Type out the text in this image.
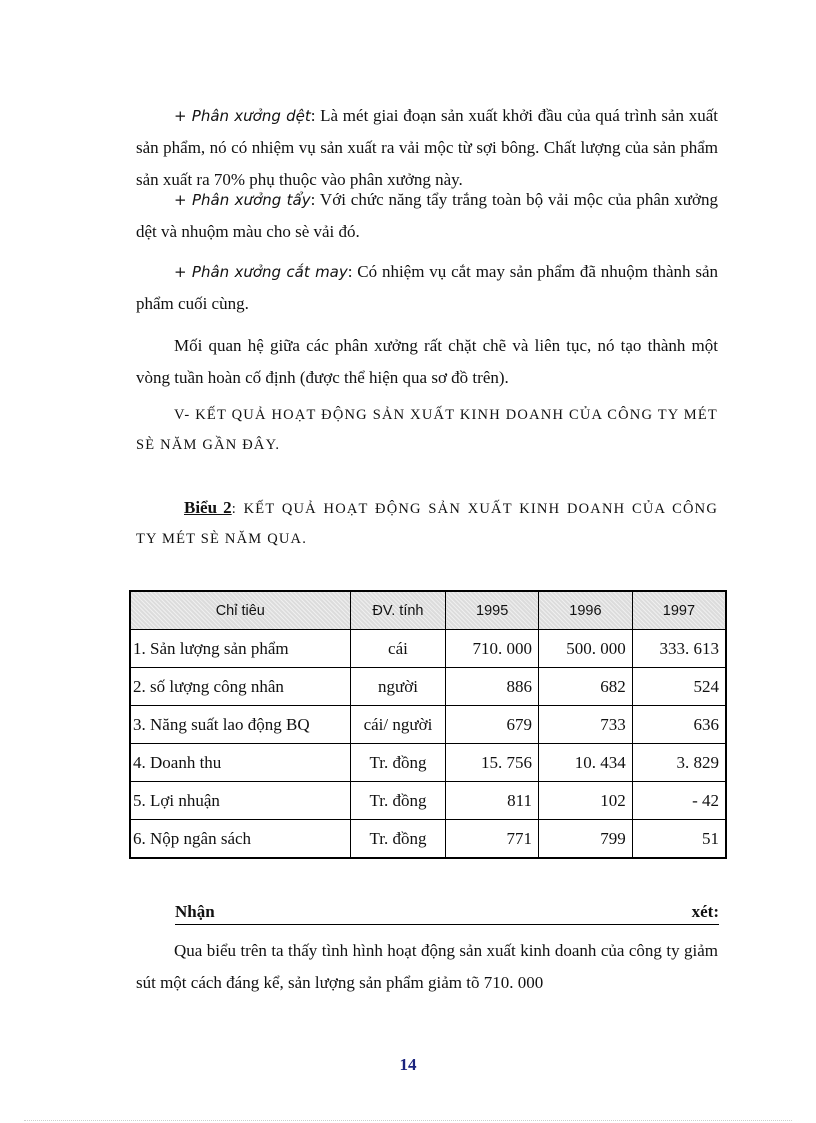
+ Phân xưởng dệt: Là mét giai đoạn sản xuất khởi đầu của quá trình sản xuất sản phẩm, nó có nhiệm vụ sản xuất ra vải mộc từ sợi bông. Chất lượng của sản phẩm sản xuất ra 70% phụ thuộc vào phân xưởng này.

+ Phân xưởng tẩy: Với chức năng tẩy trắng toàn bộ vải mộc của phân xưởng dệt và nhuộm màu cho sè vải đó.

+ Phân xưởng cắt may: Có nhiệm vụ cắt may sản phẩm đã nhuộm thành sản phẩm cuối cùng.

Mối quan hệ giữa các phân xưởng rất chặt chẽ và liên tục, nó tạo thành một vòng tuần hoàn cố định (được thể hiện qua sơ đồ trên).

V- KẾT QUẢ HOẠT ĐỘNG SẢN XUẤT KINH DOANH CỦA CÔNG TY MÉT SÈ NĂM GẦN ĐÂY.

Biểu 2: KẾT QUẢ HOẠT ĐỘNG SẢN XUẤT KINH DOANH CỦA CÔNG TY MÉT SÈ NĂM QUA.

Chỉ tiêu	ĐV. tính	1995	1996	1997
1. Sản lượng sản phẩm	cái	710. 000	500. 000	333. 613
2. số lượng công nhân	người	886	682	524
3. Năng suất lao động BQ	cái/ người	679	733	636
4. Doanh thu	Tr. đồng	15. 756	10. 434	3. 829
5. Lợi nhuận	Tr. đồng	811	102	- 42
6. Nộp ngân sách	Tr. đồng	771	799	51
Nhận	xét:

Qua biểu trên ta thấy tình hình hoạt động sản xuất kinh doanh của công ty giảm sút một cách đáng kể, sản lượng sản phẩm giảm tõ 710. 000

14
